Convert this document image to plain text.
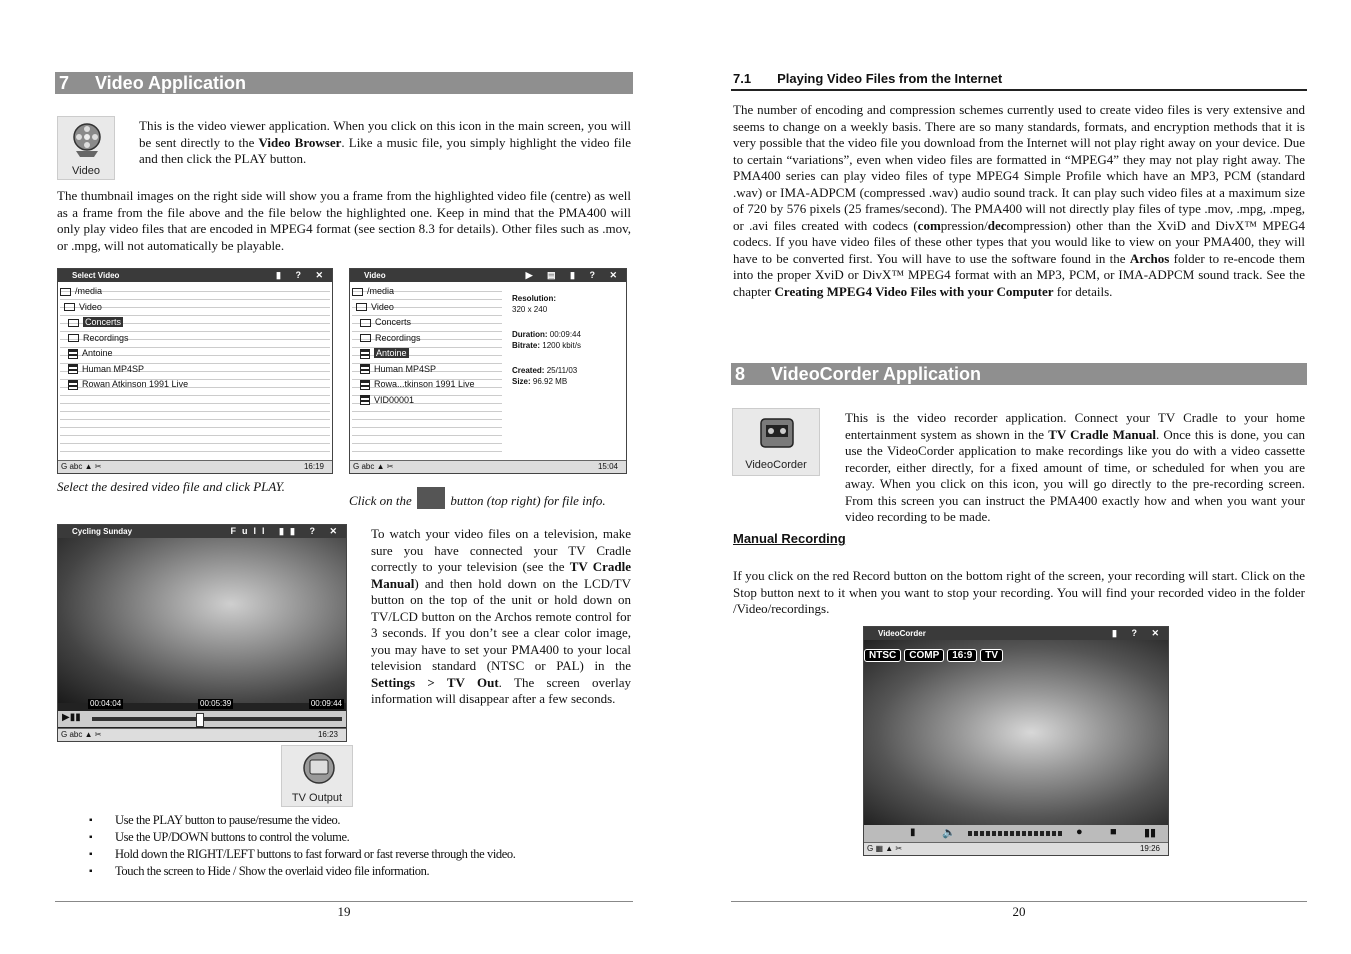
7 Video Application
Video
This is the video viewer application. When you click on this icon in the main screen, you will be sent directly to the Video Browser. Like a music file, you simply highlight the video file and then click the PLAY button.
The thumbnail images on the right side will show you a frame from the highlighted video file (centre) as well as a frame from the file above and the file below the highlighted one. Keep in mind that the PMA400 will only play video files that are encoded in MPEG4 format (see section 8.3 for details). Other files such as .mov, or .mpg, will not automatically be playable.
Select Video	▮ ? ✕
/media
Video
Concerts
Recordings
Antoine
Human MP4SP
Rowan Atkinson 1991 Live
G abc ▲ ✂	16:19
Video	▶ ▤ ▮ ? ✕
/media
Video
Concerts
Recordings
Antoine
Human MP4SP
Rowa...tkinson 1991 Live
VID00001
Resolution:
320 x 240
Duration: 00:09:44
Bitrate: 1200 kbit/s
Created: 25/11/03
Size: 96.92 MB
G abc ▲ ✂	15:04
Select the desired video file and click PLAY.
Click on the	button (top right) for file info.
Cycling Sunday	Full ▮▮ ? ✕
00:04:04	00:05:39	00:09:44
▶▮▮
G abc ▲ ✂	16:23
To watch your video files on a television, make sure you have connected your TV Cradle correctly to your television (see the TV Cradle Manual) and then hold down on the LCD/TV button on the top of the unit or hold down on TV/LCD button on the Archos remote control for 3 seconds. If you don’t see a clear color image, you may have to set your PMA400 to your local television standard (NTSC or PAL) in the Settings > TV Out. The screen overlay information will disappear after a few seconds.
TV Output
▪ Use the PLAY button to pause/resume the video.
▪ Use the UP/DOWN buttons to control the volume.
▪ Hold down the RIGHT/LEFT buttons to fast forward or fast reverse through the video.
▪ Touch the screen to Hide / Show the overlaid video file information.
19
7.1 Playing Video Files from the Internet
The number of encoding and compression schemes currently used to create video files is very extensive and seems to change on a weekly basis. There are so many standards, formats, and encryption methods that it is very possible that the video file you download from the Internet will not play right away on your device. Due to certain “variations”, even when video files are formatted in “MPEG4” they may not play right away. The PMA400 series can play video files of type MPEG4 Simple Profile which have an MP3, PCM (standard .wav) or IMA-ADPCM (compressed .wav) audio sound track. It can play such video files at a maximum size of 720 by 576 pixels (25 frames/second). The PMA400 will not directly play files of type .mov, .mpg, .mpeg, or .avi files created with codecs (compression/decompression) other than the XviD and DivX™ MPEG4 codecs. If you have video files of these other types that you would like to view on your PMA400, they will have to be converted first. You will have to use the software found in the Archos folder to re-encode them into the proper XviD or DivX™ MPEG4 format with an MP3, PCM, or IMA-ADPCM sound track. See the chapter Creating MPEG4 Video Files with your Computer for details.
8 VideoCorder Application
VideoCorder
This is the video recorder application. Connect your TV Cradle to your home entertainment system as shown in the TV Cradle Manual. Once this is done, you can use the VideoCorder application to make recordings like you do with a video cassette recorder, either directly, for a fixed amount of time, or scheduled for when you are away. When you click on this icon, you will go directly to the pre-recording screen. From this screen you can instruct the PMA400 exactly how and when you want your video recording to be made.
Manual Recording
If you click on the red Record button on the bottom right of the screen, your recording will start. Click on the Stop button next to it when you want to stop your recording. You will find your recorded video in the folder /Video/recordings.
VideoCorder	▮ ? ✕
NTSC COMP 16:9 TV
▮ 🔈	● ■ ▮▮
G ▦ ▲ ✂	19:26
20
